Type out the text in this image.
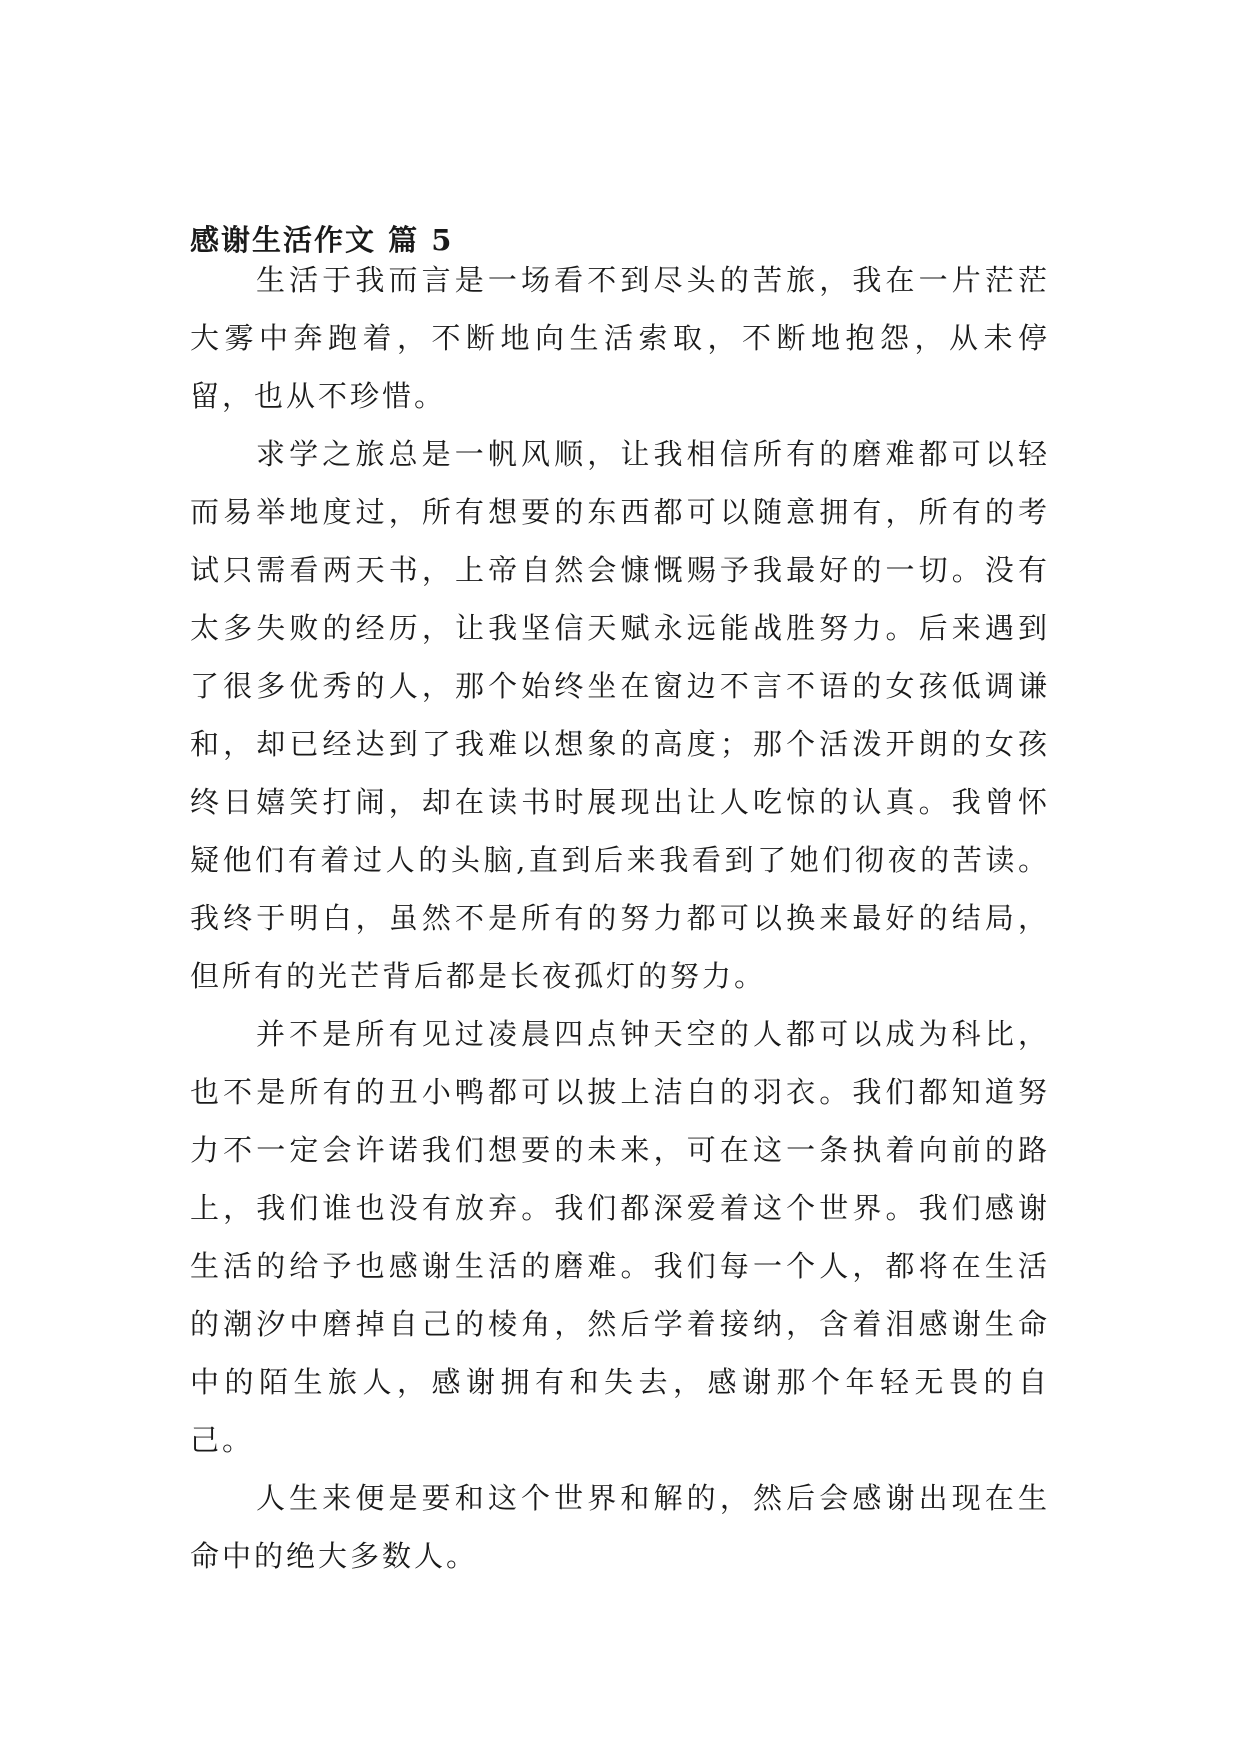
感谢生活作文 篇 5

生活于我而言是一场看不到尽头的苦旅，我在一片茫茫大雾中奔跑着，不断地向生活索取，不断地抱怨，从未停留，也从不珍惜。

求学之旅总是一帆风顺，让我相信所有的磨难都可以轻而易举地度过，所有想要的东西都可以随意拥有，所有的考试只需看两天书，上帝自然会慷慨赐予我最好的一切。没有太多失败的经历，让我坚信天赋永远能战胜努力。后来遇到了很多优秀的人，那个始终坐在窗边不言不语的女孩低调谦和，却已经达到了我难以想象的高度；那个活泼开朗的女孩终日嬉笑打闹，却在读书时展现出让人吃惊的认真。我曾怀疑他们有着过人的头脑,直到后来我看到了她们彻夜的苦读。我终于明白，虽然不是所有的努力都可以换来最好的结局，但所有的光芒背后都是长夜孤灯的努力。

并不是所有见过凌晨四点钟天空的人都可以成为科比，也不是所有的丑小鸭都可以披上洁白的羽衣。我们都知道努力不一定会许诺我们想要的未来，可在这一条执着向前的路上，我们谁也没有放弃。我们都深爱着这个世界。我们感谢生活的给予也感谢生活的磨难。我们每一个人，都将在生活的潮汐中磨掉自己的棱角，然后学着接纳，含着泪感谢生命中的陌生旅人，感谢拥有和失去，感谢那个年轻无畏的自己。

人生来便是要和这个世界和解的，然后会感谢出现在生命中的绝大多数人。
